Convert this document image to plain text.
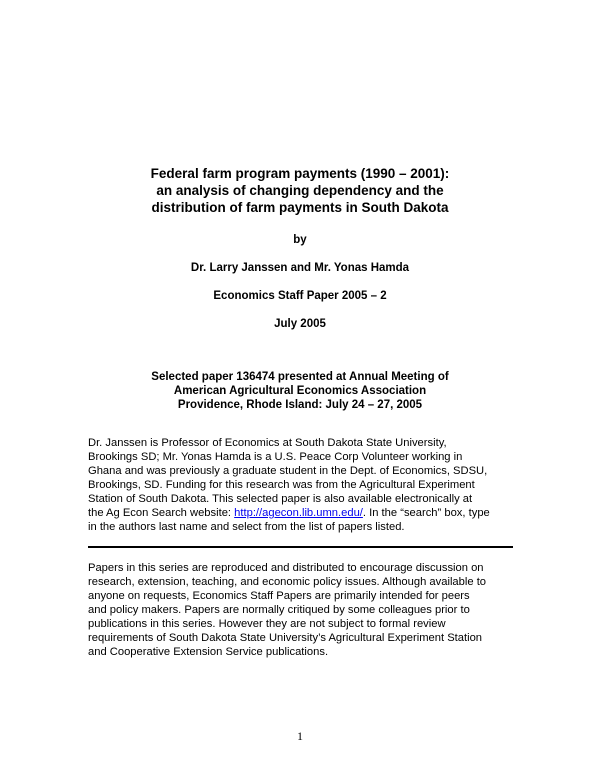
Federal farm program payments (1990 – 2001):
an analysis of changing dependency and the
distribution of farm payments in South Dakota
by
Dr. Larry Janssen and Mr. Yonas Hamda
Economics Staff Paper 2005 – 2
July 2005
Selected paper 136474 presented at Annual Meeting of
American Agricultural Economics Association
Providence, Rhode Island: July 24 – 27, 2005
Dr. Janssen is Professor of Economics at South Dakota State University,
Brookings SD; Mr. Yonas Hamda is a U.S. Peace Corp Volunteer working in
Ghana and was previously a graduate student in the Dept. of Economics, SDSU,
Brookings, SD. Funding for this research was from the Agricultural Experiment
Station of South Dakota. This selected paper is also available electronically at
the Ag Econ Search website: http://agecon.lib.umn.edu/. In the “search” box, type
in the authors last name and select from the list of papers listed.
Papers in this series are reproduced and distributed to encourage discussion on
research, extension, teaching, and economic policy issues. Although available to
anyone on requests, Economics Staff Papers are primarily intended for peers
and policy makers. Papers are normally critiqued by some colleagues prior to
publications in this series. However they are not subject to formal review
requirements of South Dakota State University’s Agricultural Experiment Station
and Cooperative Extension Service publications.
1
